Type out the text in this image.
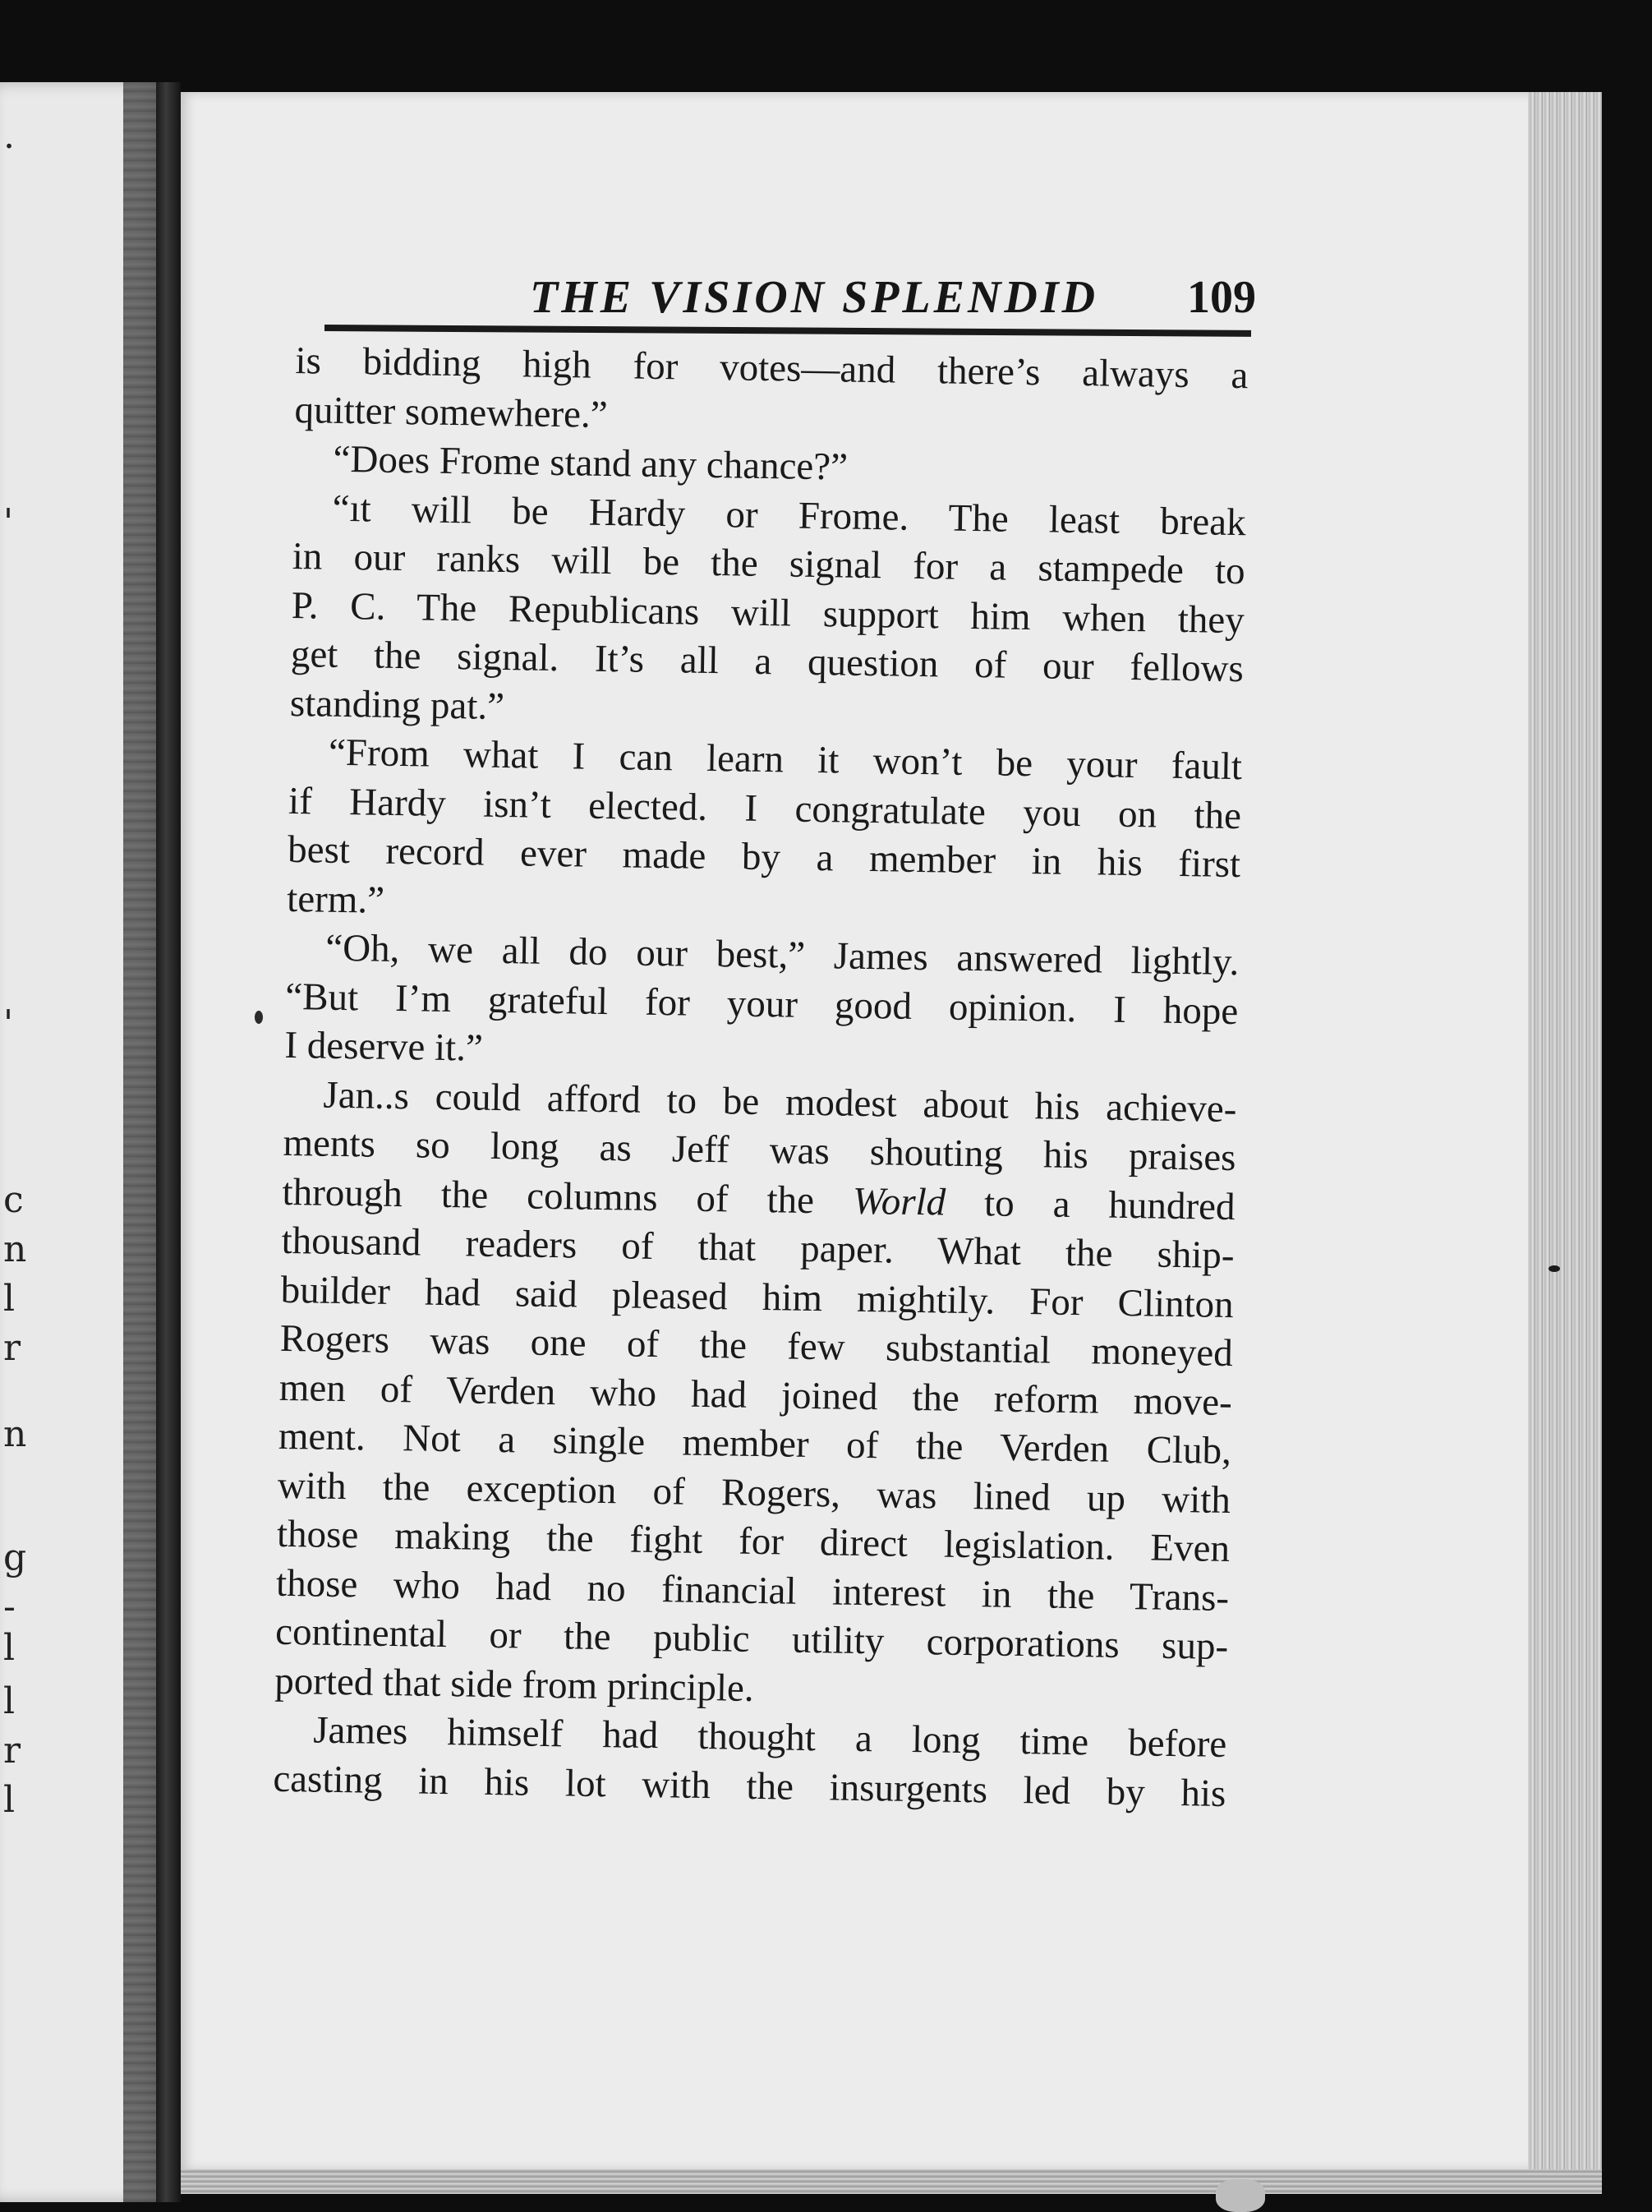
.
'
'
c
n
l
r
n
g
-
l
l
r
l
THE VISION SPLENDID 109
is bidding high for votes—and there’s always a
quitter somewhere.”
“Does Frome stand any chance?”
“ıt will be Hardy or Frome. The least break
in our ranks will be the signal for a stampede to
P. C. The Republicans will support him when they
get the signal. It’s all a question of our fellows
standing pat.”
“From what I can learn it won’t be your fault
if Hardy isn’t elected. I congratulate you on the
best record ever made by a member in his first
term.”
“Oh, we all do our best,” James answered lightly.
“But I’m grateful for your good opinion. I hope
I deserve it.”
Jan..s could afford to be modest about his achieve-
ments so long as Jeff was shouting his praises
through the columns of the World to a hundred
thousand readers of that paper. What the ship-
builder had said pleased him mightily. For Clinton
Rogers was one of the few substantial moneyed
men of Verden who had joined the reform move-
ment. Not a single member of the Verden Club,
with the exception of Rogers, was lined up with
those making the fight for direct legislation. Even
those who had no financial interest in the Trans-
continental or the public utility corporations sup-
ported that side from principle.
James himself had thought a long time before
casting in his lot with the insurgents led by his
